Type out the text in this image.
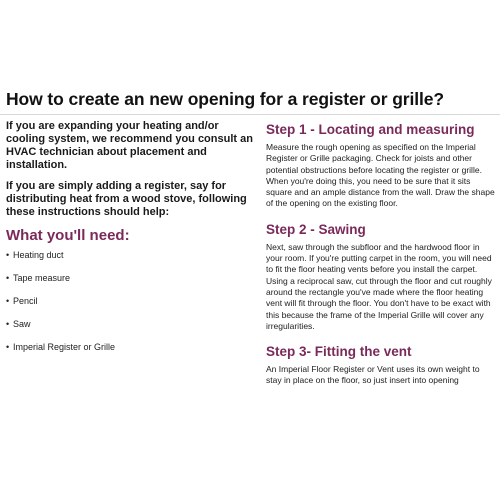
How to create an new opening for a register or grille?

If you are expanding your heating and/or cooling system, we recommend you consult an HVAC technician about placement and installation.

If you are simply adding a register, say for distributing heat from a wood stove, following these instructions should help:

What you'll need:
• Heating duct
• Tape measure
• Pencil
• Saw
• Imperial Register or Grille
Step 1 - Locating and measuring

Measure the rough opening as specified on the Imperial Register or Grille packaging. Check for joists and other potential obstructions before locating the register or grille. When you're doing this, you need to be sure that it sits square and an ample distance from the wall. Draw the shape of the opening on the existing floor.

Step 2 - Sawing

Next, saw through the subfloor and the hardwood floor in your room. If you're putting carpet in the room, you will need to fit the floor heating vents before you install the carpet. Using a reciprocal saw, cut through the floor and cut roughly around the rectangle you've made where the floor heating vent will fit through the floor. You don't have to be exact with this because the frame of the Imperial Grille will cover any irregularities.

Step 3- Fitting the vent

An Imperial Floor Register or Vent uses its own weight to stay in place on the floor, so just insert into opening
